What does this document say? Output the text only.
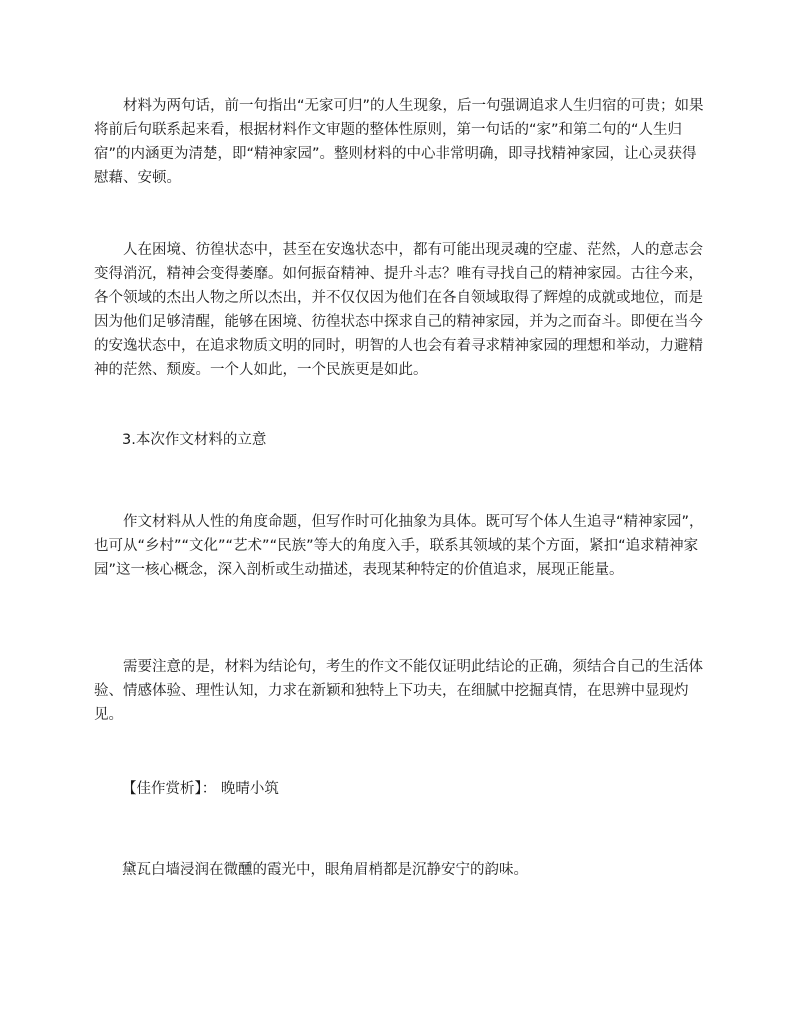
材料为两句话，前一句指出“无家可归”的人生现象，后一句强调追求人生归宿的可贵；如果将前后句联系起来看，根据材料作文审题的整体性原则，第一句话的“家”和第二句的“人生归宿”的内涵更为清楚，即“精神家园”。整则材料的中心非常明确，即寻找精神家园，让心灵获得慰藉、安顿。

人在困境、彷徨状态中，甚至在安逸状态中，都有可能出现灵魂的空虚、茫然，人的意志会变得消沉，精神会变得萎靡。如何振奋精神、提升斗志？唯有寻找自己的精神家园。古往今来，各个领域的杰出人物之所以杰出，并不仅仅因为他们在各自领域取得了辉煌的成就或地位，而是因为他们足够清醒，能够在困境、彷徨状态中探求自己的精神家园，并为之而奋斗。即便在当今的安逸状态中，在追求物质文明的同时，明智的人也会有着寻求精神家园的理想和举动，力避精神的茫然、颓废。一个人如此，一个民族更是如此。

3.本次作文材料的立意

作文材料从人性的角度命题，但写作时可化抽象为具体。既可写个体人生追寻“精神家园”，也可从“乡村”“文化”“艺术”“民族”等大的角度入手，联系其领域的某个方面，紧扣“追求精神家园”这一核心概念，深入剖析或生动描述，表现某种特定的价值追求，展现正能量。

需要注意的是，材料为结论句，考生的作文不能仅证明此结论的正确，须结合自己的生活体验、情感体验、理性认知，力求在新颖和独特上下功夫，在细腻中挖掘真情，在思辨中显现灼见。

【佳作赏析】： 晚晴小筑

黛瓦白墙浸润在微醺的霞光中，眼角眉梢都是沉静安宁的韵味。
